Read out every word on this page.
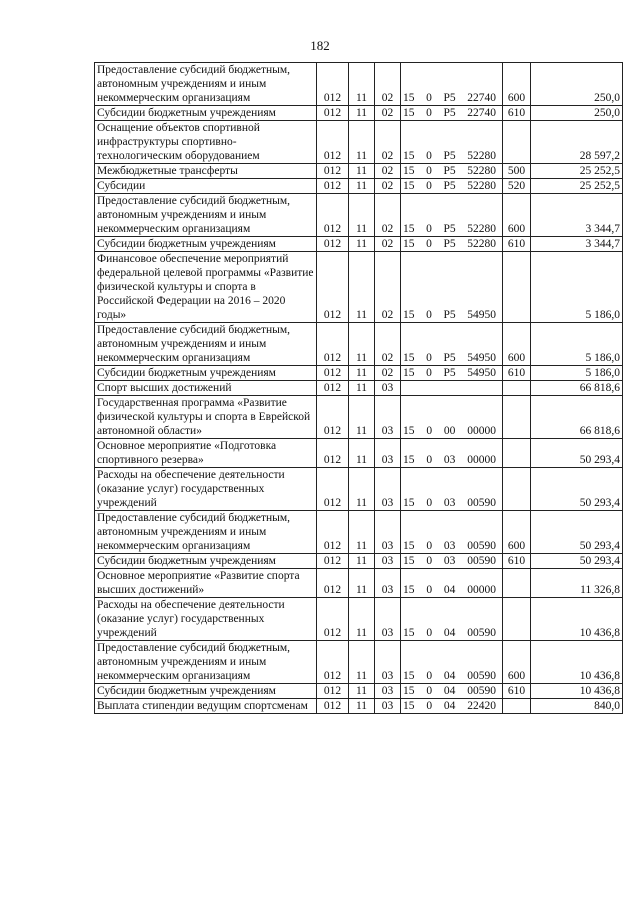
182
Предоставление субсидий бюджетным, автономным учреждениям и иным некоммерческим организациям	012	11	02	15 0 P5 22740	600	250,0
Субсидии бюджетным учреждениям	012	11	02	15 0 P5 22740	610	250,0
Оснащение объектов спортивной инфраструктуры спортивно-технологическим оборудованием	012	11	02	15 0 P5 52280		28 597,2
Межбюджетные трансферты	012	11	02	15 0 P5 52280	500	25 252,5
Субсидии	012	11	02	15 0 P5 52280	520	25 252,5
Предоставление субсидий бюджетным, автономным учреждениям и иным некоммерческим организациям	012	11	02	15 0 P5 52280	600	3 344,7
Субсидии бюджетным учреждениям	012	11	02	15 0 P5 52280	610	3 344,7
Финансовое обеспечение мероприятий федеральной целевой программы «Развитие физической культуры и спорта в Российской Федерации на 2016 – 2020 годы»	012	11	02	15 0 P5 54950		5 186,0
Предоставление субсидий бюджетным, автономным учреждениям и иным некоммерческим организациям	012	11	02	15 0 P5 54950	600	5 186,0
Субсидии бюджетным учреждениям	012	11	02	15 0 P5 54950	610	5 186,0
Спорт высших достижений	012	11	03			66 818,6
Государственная программа «Развитие физической культуры и спорта в Еврейской автономной области»	012	11	03	15 0 00 00000		66 818,6
Основное мероприятие «Подготовка спортивного резерва»	012	11	03	15 0 03 00000		50 293,4
Расходы на обеспечение деятельности (оказание услуг) государственных учреждений	012	11	03	15 0 03 00590		50 293,4
Предоставление субсидий бюджетным, автономным учреждениям и иным некоммерческим организациям	012	11	03	15 0 03 00590	600	50 293,4
Субсидии бюджетным учреждениям	012	11	03	15 0 03 00590	610	50 293,4
Основное мероприятие «Развитие спорта высших достижений»	012	11	03	15 0 04 00000		11 326,8
Расходы на обеспечение деятельности (оказание услуг) государственных учреждений	012	11	03	15 0 04 00590		10 436,8
Предоставление субсидий бюджетным, автономным учреждениям и иным некоммерческим организациям	012	11	03	15 0 04 00590	600	10 436,8
Субсидии бюджетным учреждениям	012	11	03	15 0 04 00590	610	10 436,8
Выплата стипендии ведущим спортсменам	012	11	03	15 0 04 22420		840,0
